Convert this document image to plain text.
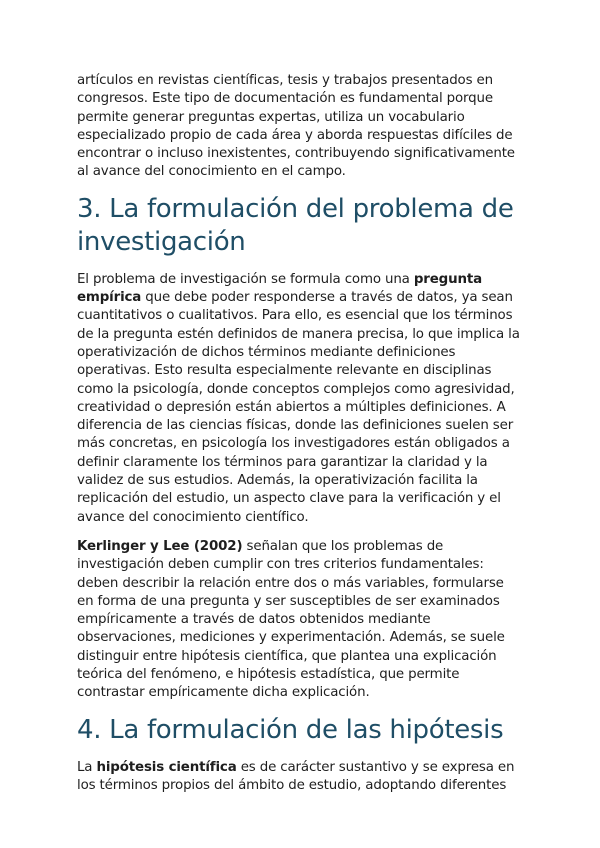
artículos en revistas científicas, tesis y trabajos presentados en congresos. Este tipo de documentación es fundamental porque permite generar preguntas expertas, utiliza un vocabulario especializado propio de cada área y aborda respuestas difíciles de encontrar o incluso inexistentes, contribuyendo significativamente al avance del conocimiento en el campo.

3. La formulación del problema de investigación

El problema de investigación se formula como una pregunta empírica que debe poder responderse a través de datos, ya sean cuantitativos o cualitativos. Para ello, es esencial que los términos de la pregunta estén definidos de manera precisa, lo que implica la operativización de dichos términos mediante definiciones operativas. Esto resulta especialmente relevante en disciplinas como la psicología, donde conceptos complejos como agresividad, creatividad o depresión están abiertos a múltiples definiciones. A diferencia de las ciencias físicas, donde las definiciones suelen ser más concretas, en psicología los investigadores están obligados a definir claramente los términos para garantizar la claridad y la validez de sus estudios. Además, la operativización facilita la replicación del estudio, un aspecto clave para la verificación y el avance del conocimiento científico.

Kerlinger y Lee (2002) señalan que los problemas de investigación deben cumplir con tres criterios fundamentales: deben describir la relación entre dos o más variables, formularse en forma de una pregunta y ser susceptibles de ser examinados empíricamente a través de datos obtenidos mediante observaciones, mediciones y experimentación. Además, se suele distinguir entre hipótesis científica, que plantea una explicación teórica del fenómeno, e hipótesis estadística, que permite contrastar empíricamente dicha explicación.

4. La formulación de las hipótesis

La hipótesis científica es de carácter sustantivo y se expresa en los términos propios del ámbito de estudio, adoptando diferentes
